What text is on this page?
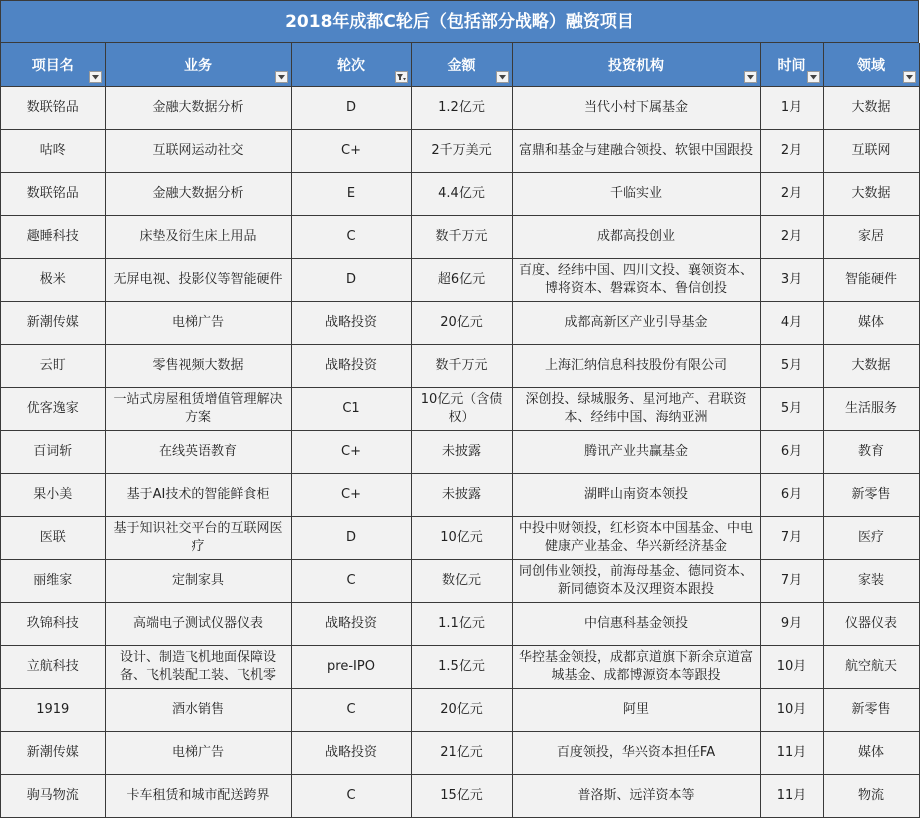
2018年成都C轮后（包括部分战略）融资项目
项目名	业务	轮次	金额	投资机构	时间	领域

数联铭品	金融大数据分析	D	1.2亿元	当代小村下属基金	1月	大数据
咕咚	互联网运动社交	C+	2千万美元	富鼎和基金与建融合领投、软银中国跟投	2月	互联网
数联铭品	金融大数据分析	E	4.4亿元	千临实业	2月	大数据
趣睡科技	床垫及衍生床上用品	C	数千万元	成都高投创业	2月	家居
极米	无屏电视、投影仪等智能硬件	D	超6亿元	百度、经纬中国、四川文投、襄领资本、博将资本、磐霖资本、鲁信创投	3月	智能硬件
新潮传媒	电梯广告	战略投资	20亿元	成都高新区产业引导基金	4月	媒体
云盯	零售视频大数据	战略投资	数千万元	上海汇纳信息科技股份有限公司	5月	大数据
优客逸家	一站式房屋租赁增值管理解决方案	C1	10亿元（含债权）	深创投、绿城服务、星河地产、君联资本、经纬中国、海纳亚洲	5月	生活服务
百词斩	在线英语教育	C+	未披露	腾讯产业共赢基金	6月	教育
果小美	基于AI技术的智能鲜食柜	C+	未披露	湖畔山南资本领投	6月	新零售
医联	基于知识社交平台的互联网医疗	D	10亿元	中投中财领投，红杉资本中国基金、中电健康产业基金、华兴新经济基金	7月	医疗
丽维家	定制家具	C	数亿元	同创伟业领投，前海母基金、德同资本、新同德资本及汉理资本跟投	7月	家装
玖锦科技	高端电子测试仪器仪表	战略投资	1.1亿元	中信惠科基金领投	9月	仪器仪表
立航科技	设计、制造飞机地面保障设备、飞机装配工装、飞机零	pre-IPO	1.5亿元	华控基金领投，成都京道旗下新余京道富城基金、成都博源资本等跟投	10月	航空航天
1919	酒水销售	C	20亿元	阿里	10月	新零售
新潮传媒	电梯广告	战略投资	21亿元	百度领投，华兴资本担任FA	11月	媒体
驹马物流	卡车租赁和城市配送跨界	C	15亿元	普洛斯、远洋资本等	11月	物流
